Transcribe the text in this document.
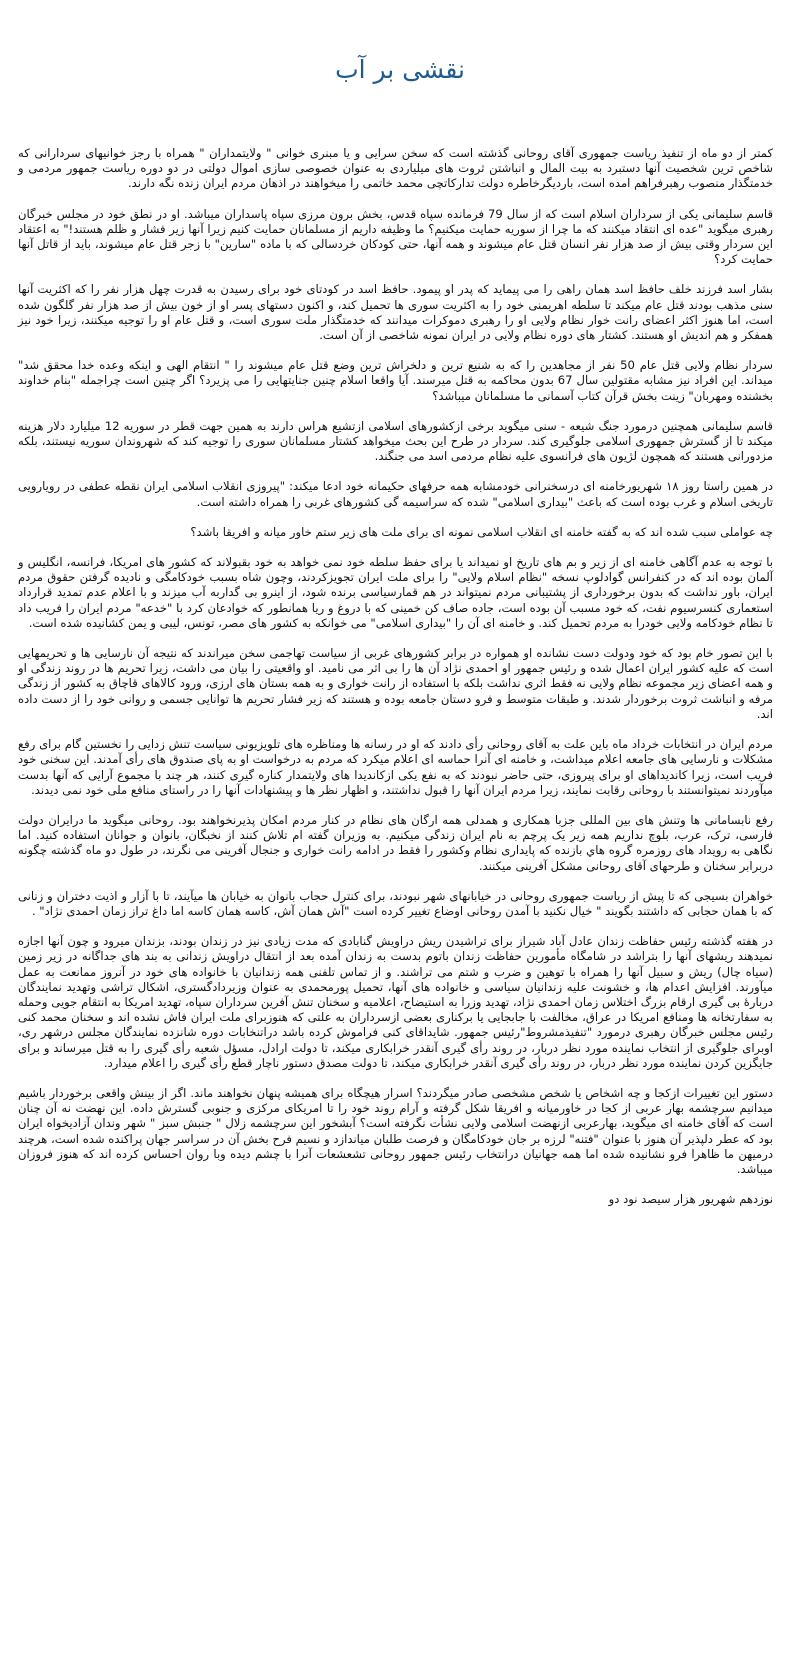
نقشی بر آب

کمتر از دو ماه از تنفیذ ریاست جمهوری آقای روحانی گذشته است که سخن سرایی و یا مبنری خوانی " ولایتمداران " همراه با رجز خوانیهای سردارانی که شاخص ترین شخصیت آنها دستبرد به بیت المال و انباشتن ثروت های میلیاردی به عنوان خصوصی سازی اموال دولتی در دو دوره ریاست جمهور مردمی و خدمتگذار منصوب رهبرفراهم امده است، باردیگرخاطره دولت تدارکاتچی محمد خاتمی را میخواهند در اذهان مردم ایران زنده نگه دارند.

قاسم سلیمانی یکی از سرداران اسلام است که از سال 79 فرمانده سپاه قدس، بخش برون مرزی سپاه پاسداران میباشد. او در نطق خود در مجلس خبرگان رهبری میگوید "عده ای انتقاد میکنند که ما چرا از سوریه حمایت میکنیم؟ ما وظیفه داریم از مسلمانان حمایت کنیم زیرا آنها زیر فشار و ظلم هستند!" به اعتقاد این سردار وقتی بیش از صد هزار نفر انسان قتل عام میشوند و همه آنها، حتی کودکان خردسالی که با ماده "سارین" با زجر قتل عام میشوند، باید از قاتل آنها حمایت کرد؟

بشار اسد فرزند خلف حافظ اسد همان راهی را می پیماید که پدر او پیمود. حافظ اسد در کودتای خود برای رسیدن به قدرت چهل هزار نفر را که اکثریت آنها سنی مذهب بودند قتل عام میکند تا سلطه اهریمنی خود را به اکثریت سوری ها تحمیل کند، و اکنون دستهای پسر او از خون بیش از صد هزار نفر گلگون شده است، اما هنوز اکثر اعضای رانت خوار نظام ولایی او را رهبری دموکرات میدانند که خدمتگذار ملت سوری است، و قتل عام او را توجیه میکنند، زیرا خود نیز همفکر و هم اندیش او هستند. کشتار های دوره نظام ولایی در ایران نمونه شاخصی از آن است.

سردار نظام ولایی قتل عام 50 نفر از مجاهدین را که به شنیع ترین و دلخراش ترین وضع قتل عام میشوند را " انتقام الهی و اینکه وعده خدا محقق شد" میداند. این افراد نیز مشابه مقتولین سال 67 بدون محاکمه به قتل میرسند. آیا واقعا اسلام چنین جنایتهایی را می پزیرد؟ اگر چنین است چراجمله "بنام خداوند بخشنده ومهربان" زینت بخش قرآن کتاب آسمانی ما مسلمانان میباشد؟

قاسم سلیمانی همچنین درمورد جنگ شیعه - سنی میگوید برخی ازکشورهای اسلامی ازتشیع هراس دارند به همین جهت قطر در سوریه 12 میلیارد دلار هزینه میکند تا از گسترش جمهوری اسلامی جلوگیری کند. سردار در طرح این بحث میخواهد کشتار مسلمانان سوری را توجیه کند که شهروندان سوریه نیستند، بلکه مزدورانی هستند که همچون لژیون های فرانسوی علیه نظام مردمی اسد می جنگند.

در همین راستا روز ۱۸ شهریورخامنه ای درسخنرانی خودمشابه همه حرفهای حکیمانه خود ادعا میکند: "پیروزی انقلاب اسلامی ایران نقطه عطفی در رویارویی تاریخی اسلام و غرب بوده است که باعث "بیداری اسلامی" شده که سراسیمه گی کشورهای غربی را همراه داشته است.

چه عواملی سبب شده اند که به گفته خامنه ای انقلاب اسلامی نمونه ای برای ملت های زیر ستم خاور میانه و افریقا باشد؟

با توجه به عدم آگاهی خامنه ای از زیر و بم های تاریخ او نمیداند یا برای حفظ سلطه خود نمی خواهد به خود بقبولاند که کشور های امریکا، فرانسه، انگلیس و آلمان بوده اند که در کنفرانس گوادلوپ نسخه "نظام اسلام ولایی" را برای ملت ایران تجویزکردند، وچون شاه بسبب خودکامگی و نادیده گرفتن حقوق مردم ایران، باور نداشت که بدون برخورداری از پشتیبانی مردم نمیتواند در هم قمارسیاسی برنده شود، از اینرو بی گداربه آب میزند و با اعلام عدم تمدید قرارداد استعماری کنسرسیوم نفت، که خود مسبب آن بوده است، جاده صاف کن خمینی که با دروغ و ریا همانطور که خوادعان کرد با "خدعه" مردم ایران را فریب داد تا نظام خودکامه ولایی خودرا به مردم تحمیل کند. و خامنه ای آن را "بیداری اسلامی" می خوانکه به کشور های مصر، تونس، لیبی و یمن کشانیده شده است.

با این تصور خام بود که خود ودولت دست نشانده او همواره در برابر کشورهای غربی از سیاست تهاجمی سخن میراندند که نتیجه آن نارسایی ها و تحریمهایی است که علیه کشور ایران اعمال شده و رئیس جمهور او احمدی نژاد آن ها را بی اثر می نامید. او واقعیتی را بیان می داشت، زیرا تحریم ها در روند زندگی او و همه اعضای زیر مجموعه نظام ولایی نه فقط اثری نداشت بلکه با استفاده از رانت خواری و به همه بستان های ارزی، ورود کالاهای قاچاق به کشور از زندگی مرفه و انباشت ثروت برخوردار شدند. و طبقات متوسط و فرو دستان جامعه بوده و هستند که زیر فشار تحریم ها توانایی جسمی و روانی خود را از دست داده اند.

مردم ایران در انتخابات خرداد ماه باین علت به آقای روحانی رأی دادند که او در رسانه ها ومناظره های تلویزیونی سیاست تنش زدایی را نخستین گام برای رفع مشکلات و نارسایی های جامعه اعلام میداشت، و خامنه ای آنرا حماسه ای اعلام میکرد که مردم به درخواست او به پای صندوق های رأی آمدند. این سخنی خود فریب است، زیرا کاندیداهای او برای پیروزی، حتی حاضر نبودند که به نفع یکی ازکاندیدا های ولایتمدار کناره گیری کنند، هر چند با مجموع آرایی که آنها بدست میآوردند نمیتوانستند با روحانی رقابت نمایند، زیرا مردم ایران آنها را قبول نداشتند، و اظهار نظر ها و پیشنهادات آنها را در راستای منافع ملی خود نمی دیدند.

رفع نابسامانی ها وتنش های بین المللی جزبا همکاری و همدلی همه ارگان های نظام در کنار مردم امکان پذیرنخواهند بود. روحانی میگوید ما درایران دولت فارسی، ترک، عرب، بلوچ نداریم همه زیر یک پرچم به نام ایران زندگی میکنیم. به وزیران گفته ام تلاش کنند از نخبگان، بانوان و جوانان استفاده کنید. اما نگاهی به رویداد های روزمره گروه هاي بازنده که پایداری نظام وکشور را فقط در ادامه رانت خواری و جنجال آفرینی می نگرند، در طول دو ماه گذشته چگونه دربرابر سخنان و طرحهای آقای روحانی مشکل آفرینی میکنند.

خواهران بسیجی که تا پیش از ریاست جمهوری روحانی در خیابانهای شهر نبودند، برای کنترل حجاب بانوان به خیابان ها میآیند، تا با آزار و اذیت دختران و زنانی که با همان حجابی که داشتند بگویند " خیال نکنید با آمدن روحانی اوضاع تغییر کرده است "آش همان آش، کاسه همان کاسه اما داغ تراز زمان احمدی نژاد" .

در هفته گذشته رئیس حفاظت زندان عادل آباد شیراز برای تراشیدن ریش دراویش گنابادی که مدت زیادی نیز در زندان بودند، بزندان میرود و چون آنها اجازه نمیدهند ریشهای آنها را بتراشد در شامگاه مأمورین حفاظت زندان باتوم بدست به زندان آمده بعد از انتقال دراویش زندانی به بند های جداگانه در زیر زمین (سیاه چال) ریش و سبیل آنها را همراه با توهین و ضرب و شتم می تراشند. و از تماس تلفنی همه زندانیان با خانواده های خود در آنروز ممانعت به عمل میآورند. افزایش اعدام ها، و خشونت علیه زندانیان سیاسی و خانواده های آنها، تحمیل پورمحمدی به عنوان وزیردادگستری، اشکال تراشی وتهدید نمایندگان دربارۀ بی گیری ارقام بزرگ اختلاس زمان احمدی نژاد، تهدید وزرا به استیضاح، اعلامیه و سخنان تنش آفرین سرداران سپاه، تهدید امریکا به انتقام جویی وحمله به سفارتخانه ها ومنافع امریکا در عراق، مخالفت با جابجایی یا برکناری بعضی ازسرداران به علتی که هنوزبرای ملت ایران فاش نشده اند و سخنان محمد کنی رئیس مجلس خبرگان رهبری درمورد "تنفیذمشروط"رئیس جمهور. شایداقای کنی فراموش کرده باشد دراتنخابات دوره شانزده نمایندگان مجلس درشهر ری، اوبرای جلوگیری از انتخاب نماینده مورد نظر دربار، در روند رأی گیری آنقدر خرابکاری میکند، تا دولت ارادل، مسؤل شعبه رأی گیری را به قتل میرساند و برای جایگزین کردن نماینده مورد نظر دربار، در روند رأی گیری آنقدر خرابکاری میکند، تا دولت مصدق دستور ناچار قطع رأی گیری را اعلام میدارد.

دستور این تغییرات ازکجا و چه اشخاص یا شخص مشخصی صادر میگردند؟ اسرار هیچگاه برای همیشه پنهان نخواهند ماند. اگر از بینش واقعی برخوردار باشیم میدانیم سرچشمه بهار عربی از کجا در خاورمیانه و افریقا شکل گرفته و آرام روند خود را تا امریکای مرکزی و جنوبی گسترش داده. این نهضت نه آن چنان است که آقای خامنه ای میگوید، بهارعربی ازنهضت اسلامی ولایی نشأت نگرفته است؟ آبشخور این سرچشمه زلال " جنبش سبز " شهر وندان آزادیخواه ایران بود که عطر دلپذیر آن هنوز با عنوان "فتنه" لرزه بر جان خودکامگان و فرصت طلبان میاندازد و نسیم فرح بخش آن در سراسر جهان پراکنده شده است، هرچند درمیهن ما ظاهرا فرو نشانیده شده اما همه جهانیان درانتخاب رئیس جمهور روحانی تشعشعات آنرا با چشم دیده وبا روان احساس کرده اند که هنوز فروزان میباشد.

نوزدهم شهریور هزار سیصد نود دو
